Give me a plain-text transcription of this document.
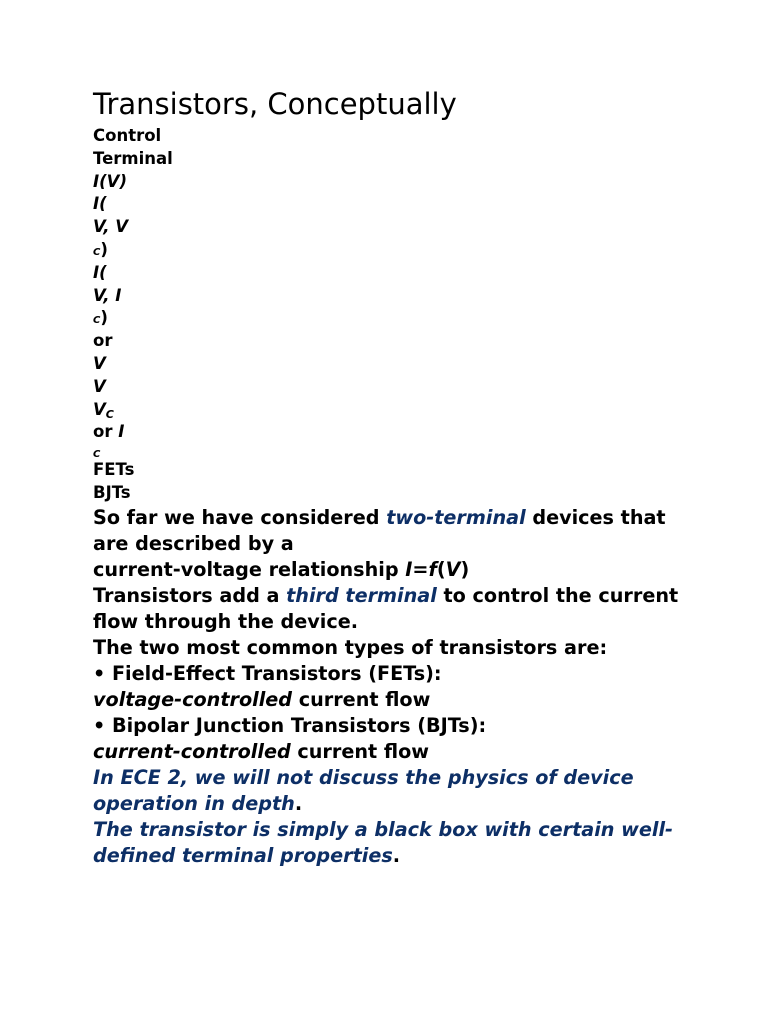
Transistors, Conceptually
Control
Terminal
I(V)
I(
V, V
C)
I(
V, I
C)
or
V
V
VC
or I
C
FETs
BJTs

So far we have considered two-terminal devices that are described by a

current-voltage relationship I=f(V)

Transistors add a third terminal to control the current flow through the device.

The two most common types of transistors are:

• Field-Effect Transistors (FETs):

voltage-controlled current flow

• Bipolar Junction Transistors (BJTs):

current-controlled current flow

In ECE 2, we will not discuss the physics of device operation in depth.

The transistor is simply a black box with certain well-defined terminal properties.
